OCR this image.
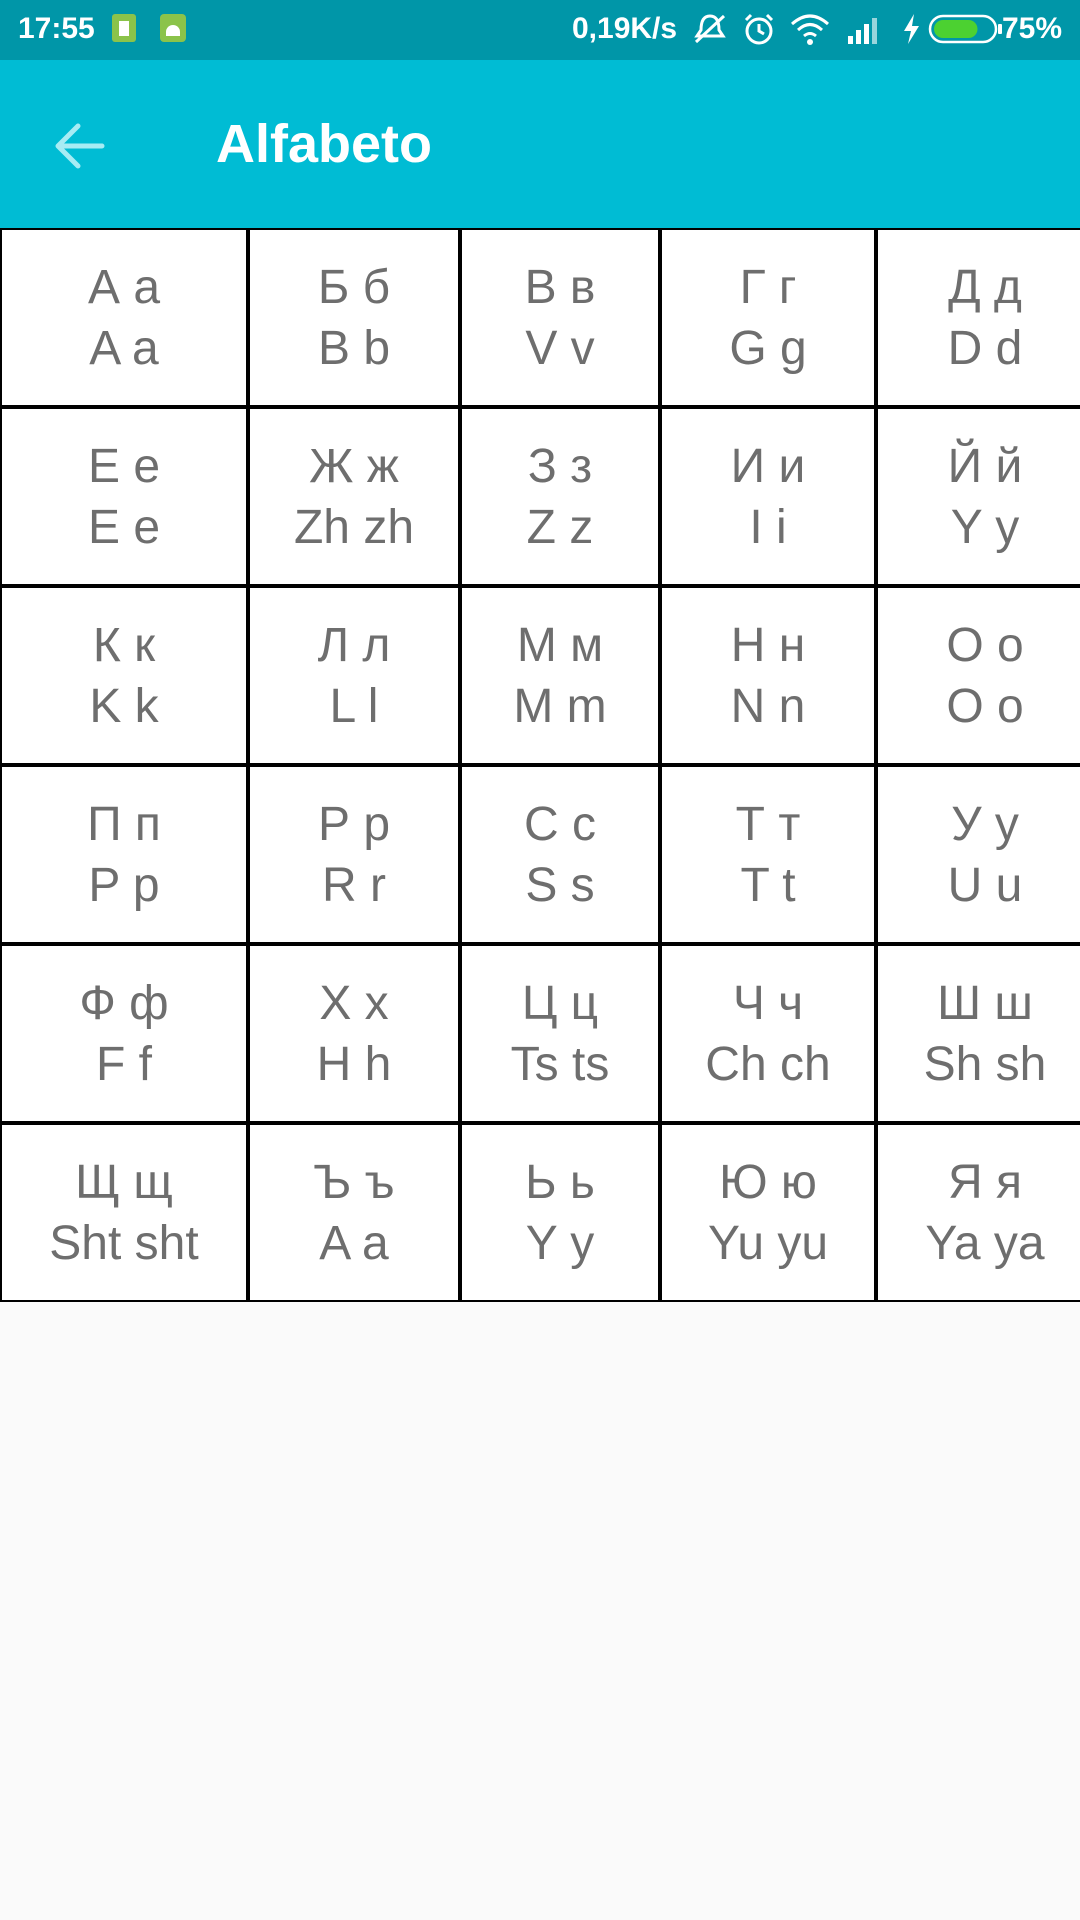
17:55	0,19K/s	75%
Alfabeto
А а
A a
Б б
B b
В в
V v
Г г
G g
Д д
D d
Е е
E e
Ж ж
Zh zh
З з
Z z
И и
I i
Й й
Y y
К к
K k
Л л
L l
М м
M m
Н н
N n
О о
O o
П п
P p
Р р
R r
С с
S s
Т т
T t
У у
U u
Ф ф
F f
Х х
H h
Ц ц
Ts ts
Ч ч
Ch ch
Ш ш
Sh sh
Щ щ
Sht sht
Ъ ъ
A a
Ь ь
Y y
Ю ю
Yu yu
Я я
Ya ya
